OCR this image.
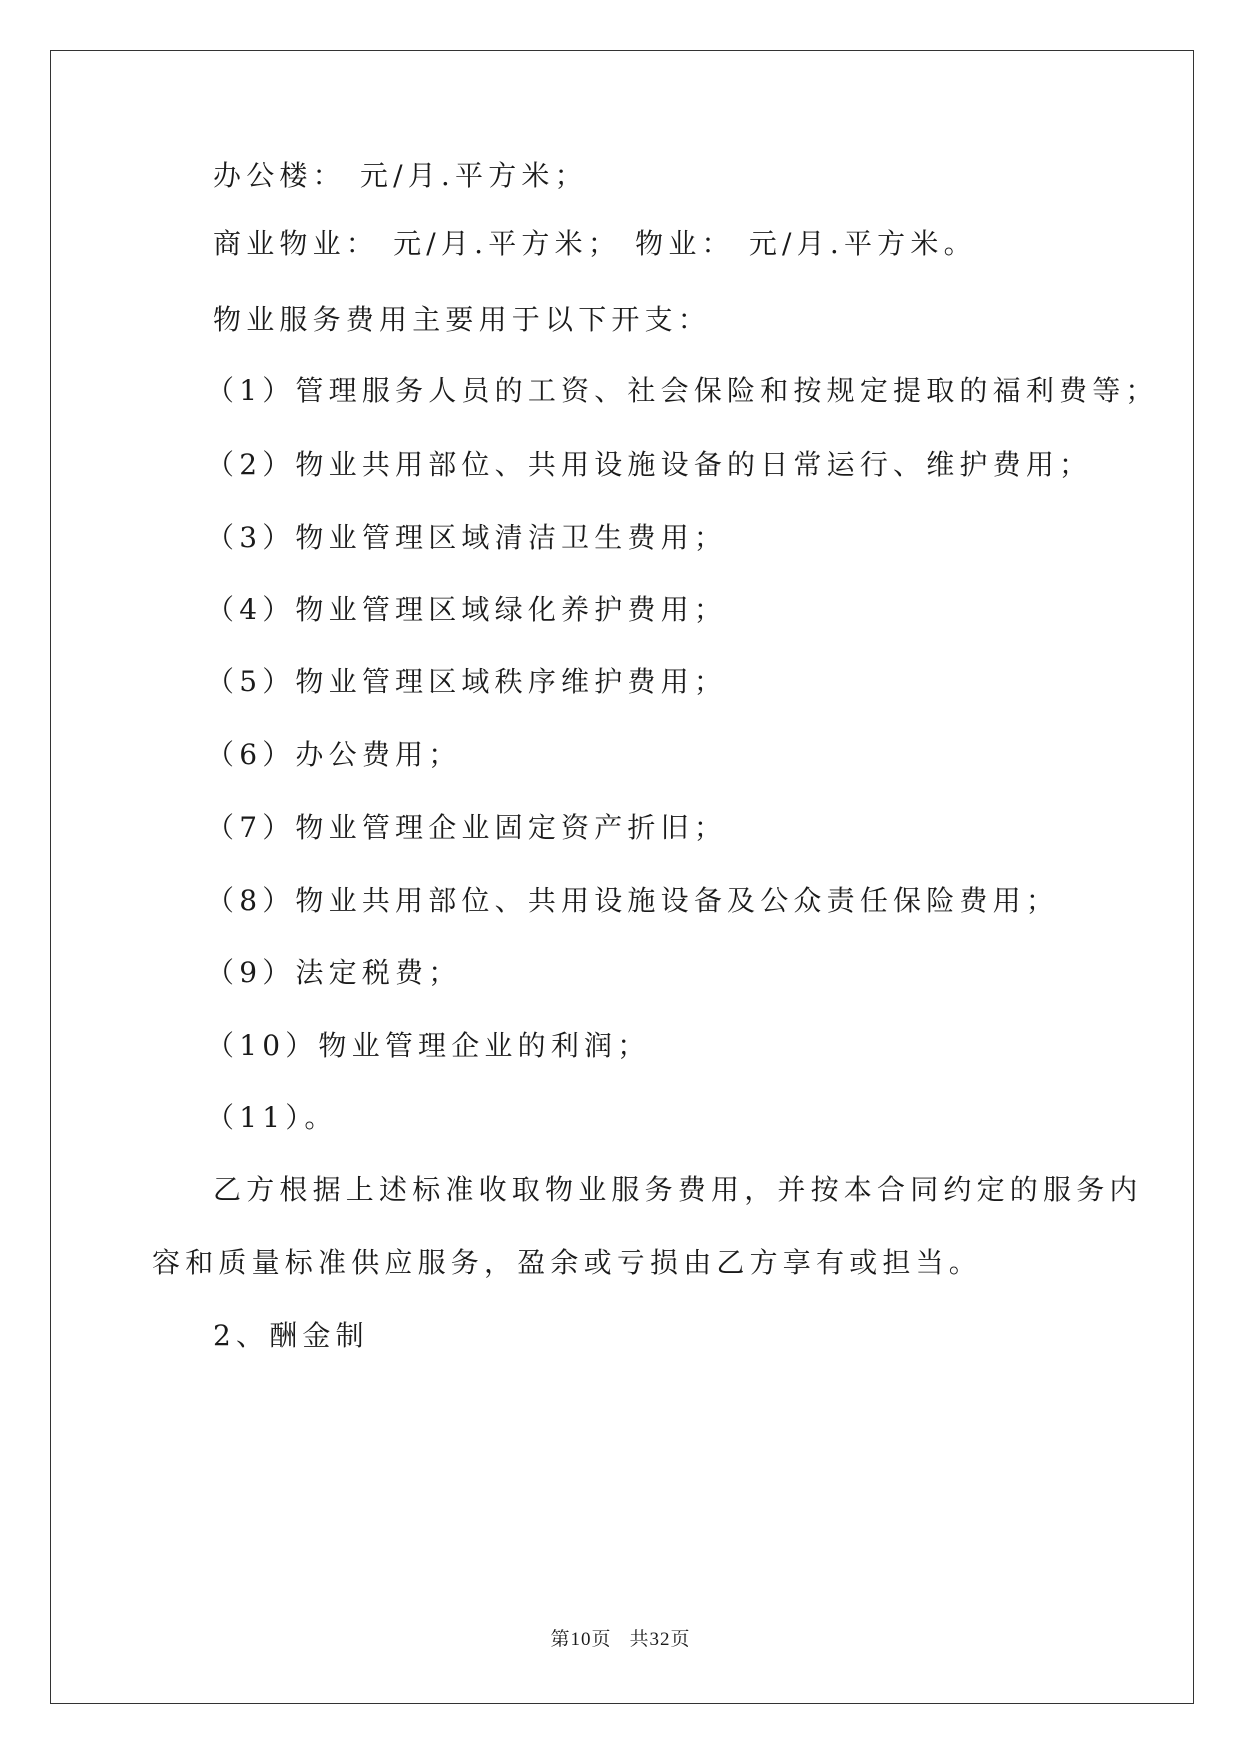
办公楼： 元/月.平方米；
商业物业： 元/月.平方米； 物业： 元/月.平方米。
物业服务费用主要用于以下开支：
（1）管理服务人员的工资、社会保险和按规定提取的福利费等；
（2）物业共用部位、共用设施设备的日常运行、维护费用；
（3）物业管理区域清洁卫生费用；
（4）物业管理区域绿化养护费用；
（5）物业管理区域秩序维护费用；
（6）办公费用；
（7）物业管理企业固定资产折旧；
（8）物业共用部位、共用设施设备及公众责任保险费用；
（9）法定税费；
（10）物业管理企业的利润；
（11）。
乙方根据上述标准收取物业服务费用，并按本合同约定的服务内
容和质量标准供应服务，盈余或亏损由乙方享有或担当。
2、酬金制
第10页 共32页
